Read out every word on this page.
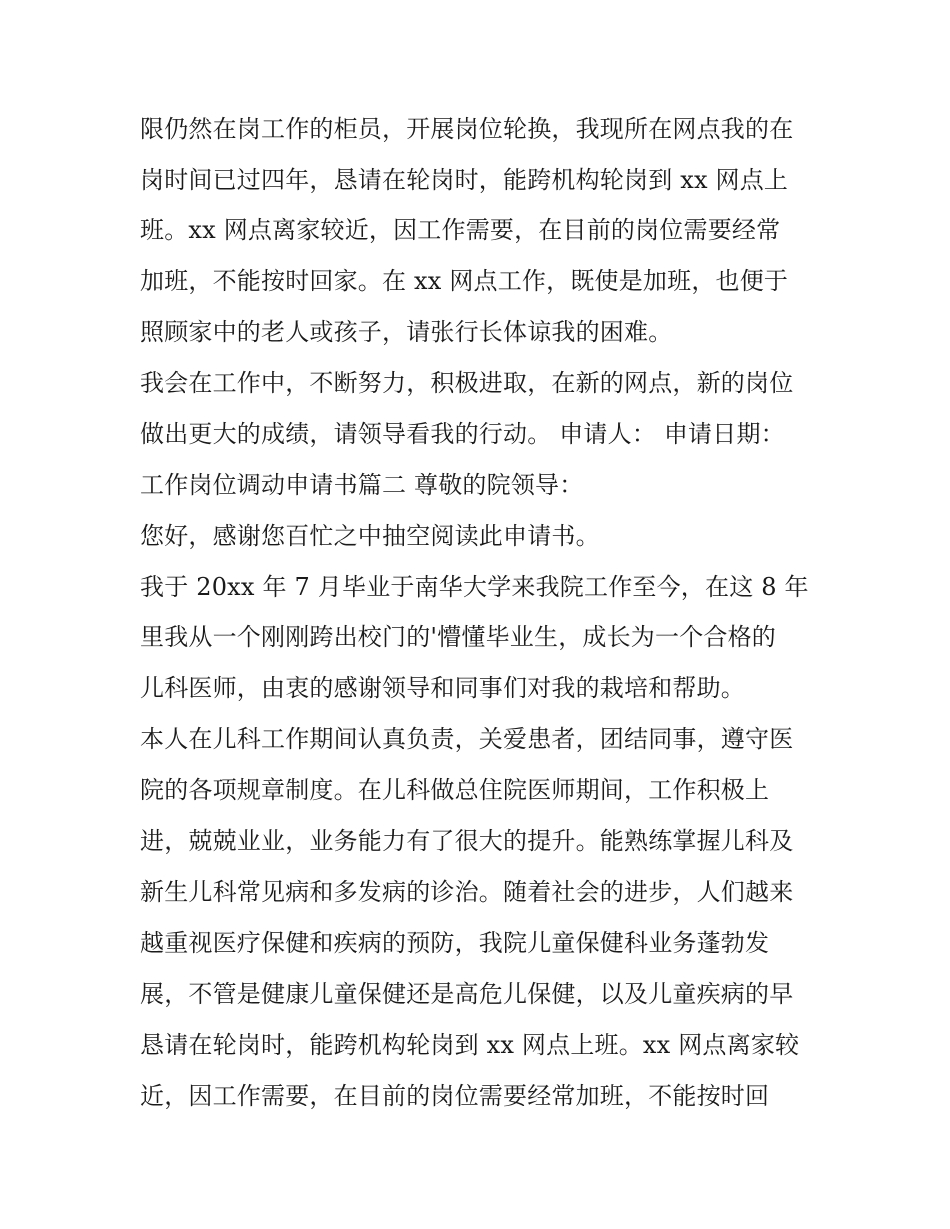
限仍然在岗工作的柜员，开展岗位轮换，我现所在网点我的在
岗时间已过四年，恳请在轮岗时，能跨机构轮岗到 xx 网点上
班。xx 网点离家较近，因工作需要，在目前的岗位需要经常
加班，不能按时回家。在 xx 网点工作，既使是加班，也便于
照顾家中的老人或孩子，请张行长体谅我的困难。
我会在工作中，不断努力，积极进取，在新的网点，新的岗位
做出更大的成绩，请领导看我的行动。 申请人： 申请日期：
工作岗位调动申请书篇二 尊敬的院领导：
您好，感谢您百忙之中抽空阅读此申请书。
我于 20xx 年 7 月毕业于南华大学来我院工作至今，在这 8 年
里我从一个刚刚跨出校门的'懵懂毕业生，成长为一个合格的
儿科医师，由衷的感谢领导和同事们对我的栽培和帮助。
本人在儿科工作期间认真负责，关爱患者，团结同事，遵守医
院的各项规章制度。在儿科做总住院医师期间，工作积极上
进，兢兢业业，业务能力有了很大的提升。能熟练掌握儿科及
新生儿科常见病和多发病的诊治。随着社会的进步，人们越来
越重视医疗保健和疾病的预防，我院儿童保健科业务蓬勃发
展，不管是健康儿童保健还是高危儿保健，以及儿童疾病的早
恳请在轮岗时，能跨机构轮岗到 xx 网点上班。xx 网点离家较
近，因工作需要，在目前的岗位需要经常加班，不能按时回
